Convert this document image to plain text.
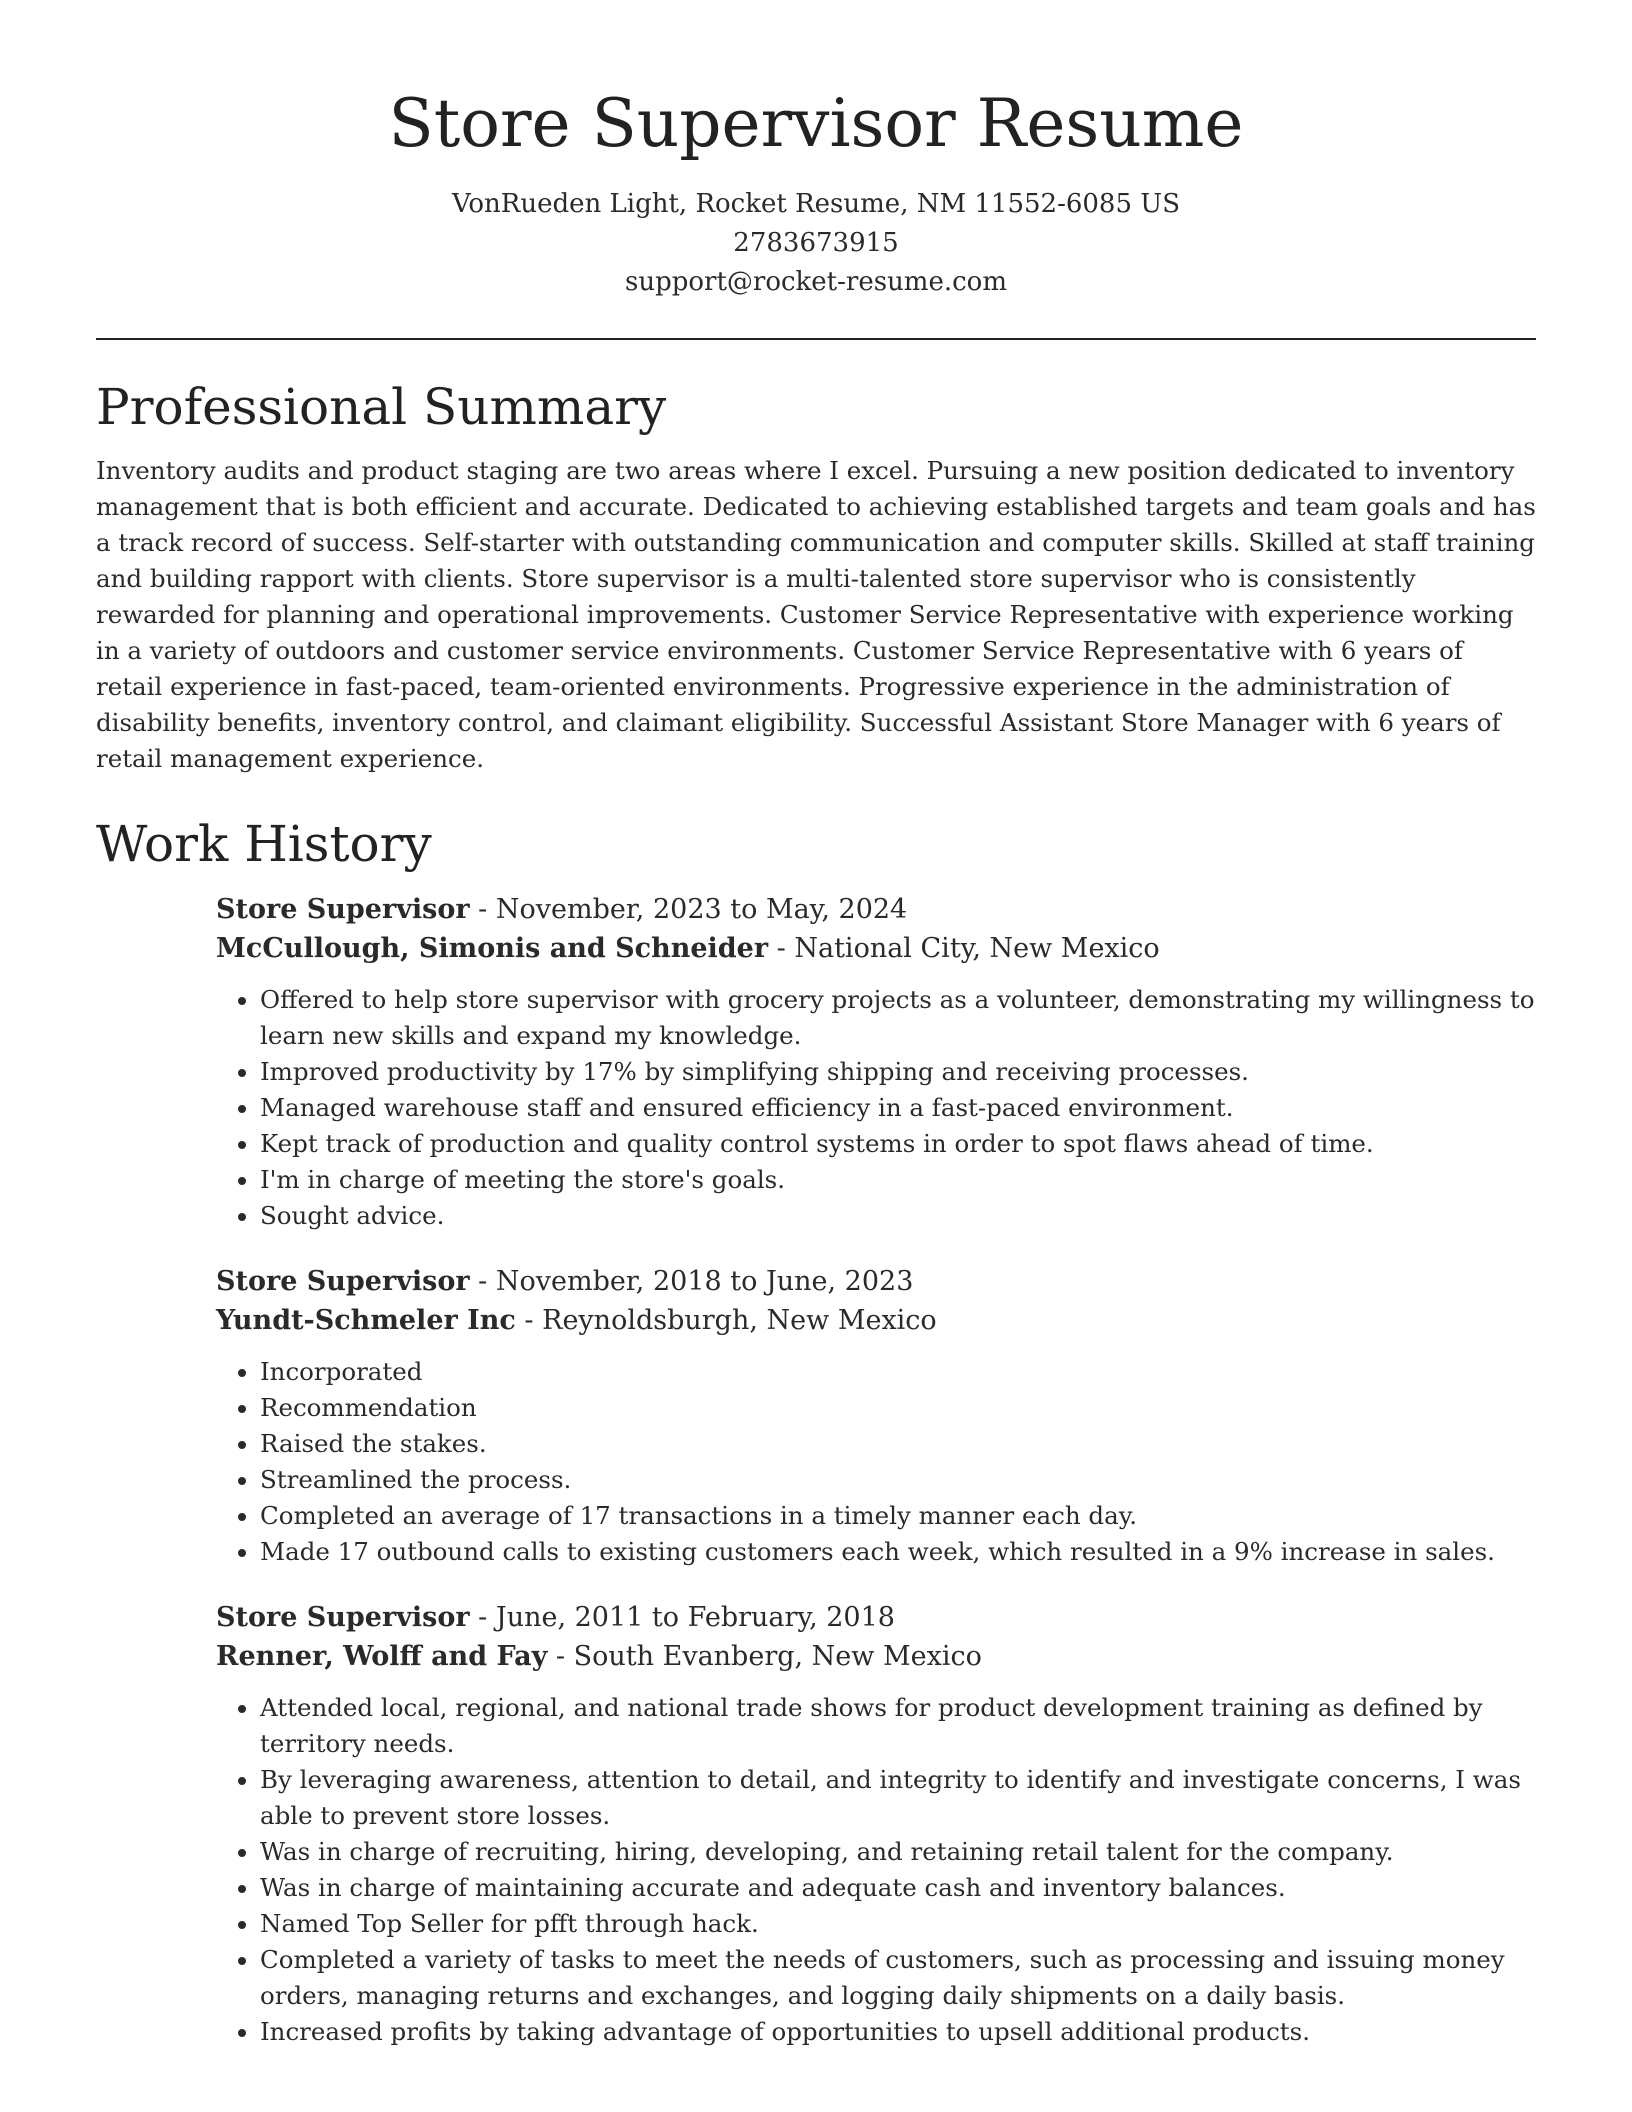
Store Supervisor Resume
VonRueden Light, Rocket Resume, NM 11552-6085 US
2783673915
support@rocket-resume.com
Professional Summary

Inventory audits and product staging are two areas where I excel. Pursuing a new position dedicated to inventory management that is both efficient and accurate. Dedicated to achieving established targets and team goals and has a track record of success. Self-starter with outstanding communication and computer skills. Skilled at staff training and building rapport with clients. Store supervisor is a multi-talented store supervisor who is consistently rewarded for planning and operational improvements. Customer Service Representative with experience working in a variety of outdoors and customer service environments. Customer Service Representative with 6 years of retail experience in fast-paced, team-oriented environments. Progressive experience in the administration of disability benefits, inventory control, and claimant eligibility. Successful Assistant Store Manager with 6 years of retail management experience.

Work History
Store Supervisor - November, 2023 to May, 2024
McCullough, Simonis and Schneider - National City, New Mexico
• Offered to help store supervisor with grocery projects as a volunteer, demonstrating my willingness to learn new skills and expand my knowledge.
• Improved productivity by 17% by simplifying shipping and receiving processes.
• Managed warehouse staff and ensured efficiency in a fast-paced environment.
• Kept track of production and quality control systems in order to spot flaws ahead of time.
• I'm in charge of meeting the store's goals.
• Sought advice.
Store Supervisor - November, 2018 to June, 2023
Yundt-Schmeler Inc - Reynoldsburgh, New Mexico
• Incorporated
• Recommendation
• Raised the stakes.
• Streamlined the process.
• Completed an average of 17 transactions in a timely manner each day.
• Made 17 outbound calls to existing customers each week, which resulted in a 9% increase in sales.
Store Supervisor - June, 2011 to February, 2018
Renner, Wolff and Fay - South Evanberg, New Mexico
• Attended local, regional, and national trade shows for product development training as defined by territory needs.
• By leveraging awareness, attention to detail, and integrity to identify and investigate concerns, I was able to prevent store losses.
• Was in charge of recruiting, hiring, developing, and retaining retail talent for the company.
• Was in charge of maintaining accurate and adequate cash and inventory balances.
• Named Top Seller for pfft through hack.
• Completed a variety of tasks to meet the needs of customers, such as processing and issuing money orders, managing returns and exchanges, and logging daily shipments on a daily basis.
• Increased profits by taking advantage of opportunities to upsell additional products.
